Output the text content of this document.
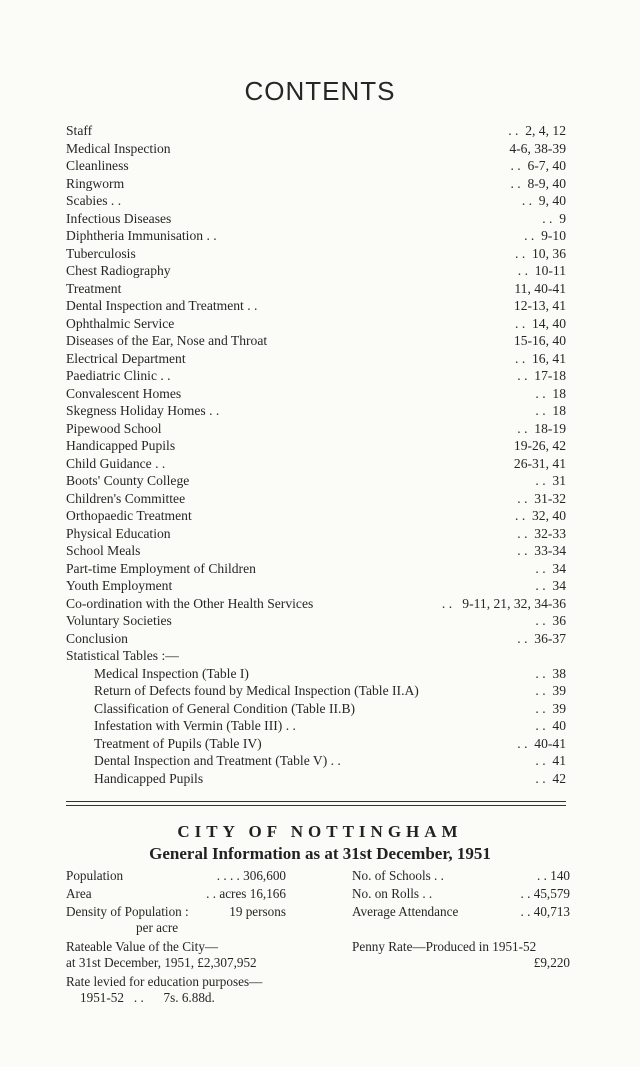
CONTENTS
Staff	. .  2, 4, 12
Medical Inspection	4-6, 38-39
Cleanliness	. .  6-7, 40
Ringworm	. .  8-9, 40
Scabies . .	. .  9, 40
Infectious Diseases	. .  9
Diphtheria Immunisation . .	. .  9-10
Tuberculosis	. .  10, 36
Chest Radiography	. .  10-11
Treatment	11, 40-41
Dental Inspection and Treatment . .	12-13, 41
Ophthalmic Service	. .  14, 40
Diseases of the Ear, Nose and Throat	15-16, 40
Electrical Department	. .  16, 41
Paediatric Clinic . .	. .  17-18
Convalescent Homes	. .  18
Skegness Holiday Homes . .	. .  18
Pipewood School	. .  18-19
Handicapped Pupils	19-26, 42
Child Guidance . .	26-31, 41
Boots' County College	. .  31
Children's Committee	. .  31-32
Orthopaedic Treatment	. .  32, 40
Physical Education	. .  32-33
School Meals	. .  33-34
Part-time Employment of Children	. .  34
Youth Employment	. .  34
Co-ordination with the Other Health Services	. .   9-11, 21, 32, 34-36
Voluntary Societies	. .  36
Conclusion	. .  36-37
Statistical Tables :—
Medical Inspection (Table I)	. .  38
Return of Defects found by Medical Inspection (Table II.A)	. .  39
Classification of General Condition (Table II.B)	. .  39
Infestation with Vermin (Table III) . .	. .  40
Treatment of Pupils (Table IV)	. .  40-41
Dental Inspection and Treatment (Table V) . .	. .  41
Handicapped Pupils	. .  42
CITY OF NOTTINGHAM
General Information as at 31st December, 1951
Population	. . . . 306,600
Area	. . acres 16,166
Density of Population :	19 persons
per acre
Rateable Value of the City—
at 31st December, 1951, £2,307,952
Rate levied for education purposes—
1951-52   . .      7s. 6.88d.
No. of Schools . .	. . 140
No. on Rolls . .	. . 45,579
Average Attendance	. . 40,713
Penny Rate—Produced in 1951-52
£9,220
